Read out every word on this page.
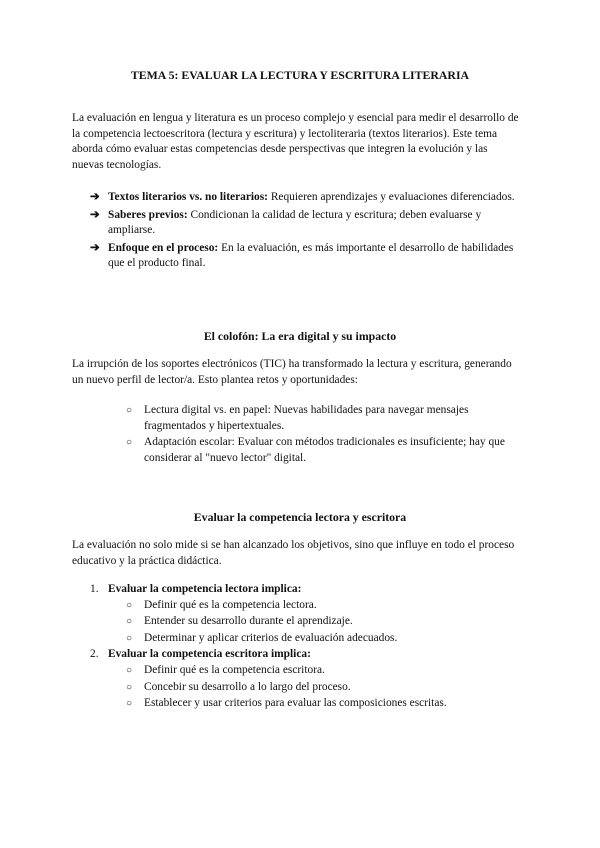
TEMA 5: EVALUAR LA LECTURA Y ESCRITURA LITERARIA

La evaluación en lengua y literatura es un proceso complejo y esencial para medir el desarrollo de la competencia lectoescritora (lectura y escritura) y lectoliteraria (textos literarios). Este tema aborda cómo evaluar estas competencias desde perspectivas que integren la evolución y las nuevas tecnologías.

➔ Textos literarios vs. no literarios: Requieren aprendizajes y evaluaciones diferenciados.
➔ Saberes previos: Condicionan la calidad de lectura y escritura; deben evaluarse y ampliarse.
➔ Enfoque en el proceso: En la evaluación, es más importante el desarrollo de habilidades que el producto final.
El colofón: La era digital y su impacto

La irrupción de los soportes electrónicos (TIC) ha transformado la lectura y escritura, generando un nuevo perfil de lector/a. Esto plantea retos y oportunidades:

○	Lectura digital vs. en papel: Nuevas habilidades para navegar mensajes fragmentados y hipertextuales.
○	Adaptación escolar: Evaluar con métodos tradicionales es insuficiente; hay que considerar al "nuevo lector" digital.
Evaluar la competencia lectora y escritora

La evaluación no solo mide si se han alcanzado los objetivos, sino que influye en todo el proceso educativo y la práctica didáctica.

1. Evaluar la competencia lectora implica:
○	Definir qué es la competencia lectora.
○	Entender su desarrollo durante el aprendizaje.
○	Determinar y aplicar criterios de evaluación adecuados.
2. Evaluar la competencia escritora implica:
○	Definir qué es la competencia escritora.
○	Concebir su desarrollo a lo largo del proceso.
○	Establecer y usar criterios para evaluar las composiciones escritas.
